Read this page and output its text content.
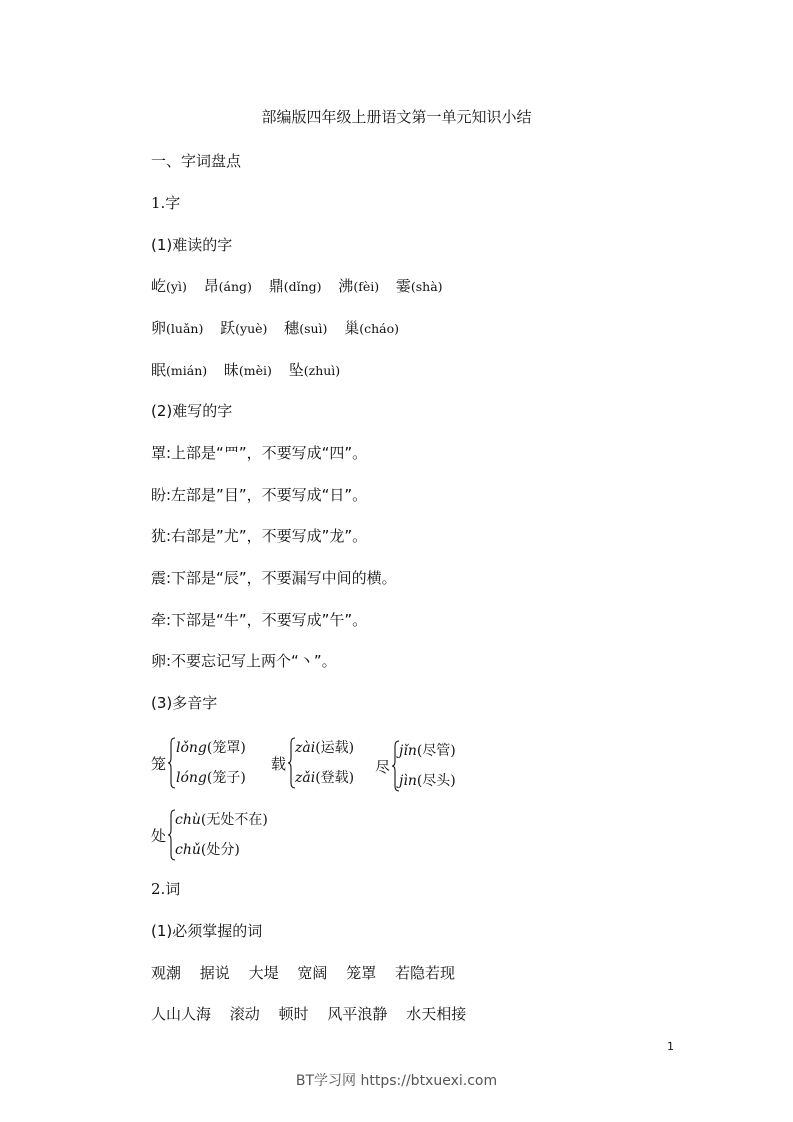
部编版四年级上册语文第一单元知识小结
一、字词盘点
1.字
(1)难读的字
屹(yì) 昂(áng) 鼎(dǐng) 沸(fèi) 霎(shà)
卵(luǎn) 跃(yuè) 穗(suì) 巢(cháo)
眠(mián) 昧(mèi) 坠(zhuì)
(2)难写的字
罩:上部是“罒”，不要写成“四”。
盼:左部是”目”，不要写成“日”。
犹:右部是”尤”，不要写成”龙”。
震:下部是“辰”，不要漏写中间的横。
牵:下部是“牛”，不要写成”午”。
卵:不要忘记写上两个“丶”。
(3)多音字
笼
lǒng(笼罩)
lóng(笼子)
载
zài(运载)
zǎi(登载)
尽
jǐn(尽管)
jìn(尽头)
处
chù(无处不在)
chǔ(处分)
2.词
(1)必须掌握的词
观潮 据说 大堤 宽阔 笼罩 若隐若现
人山人海 滚动 顿时 风平浪静 水天相接
1
BT学习网 https://btxuexi.com
